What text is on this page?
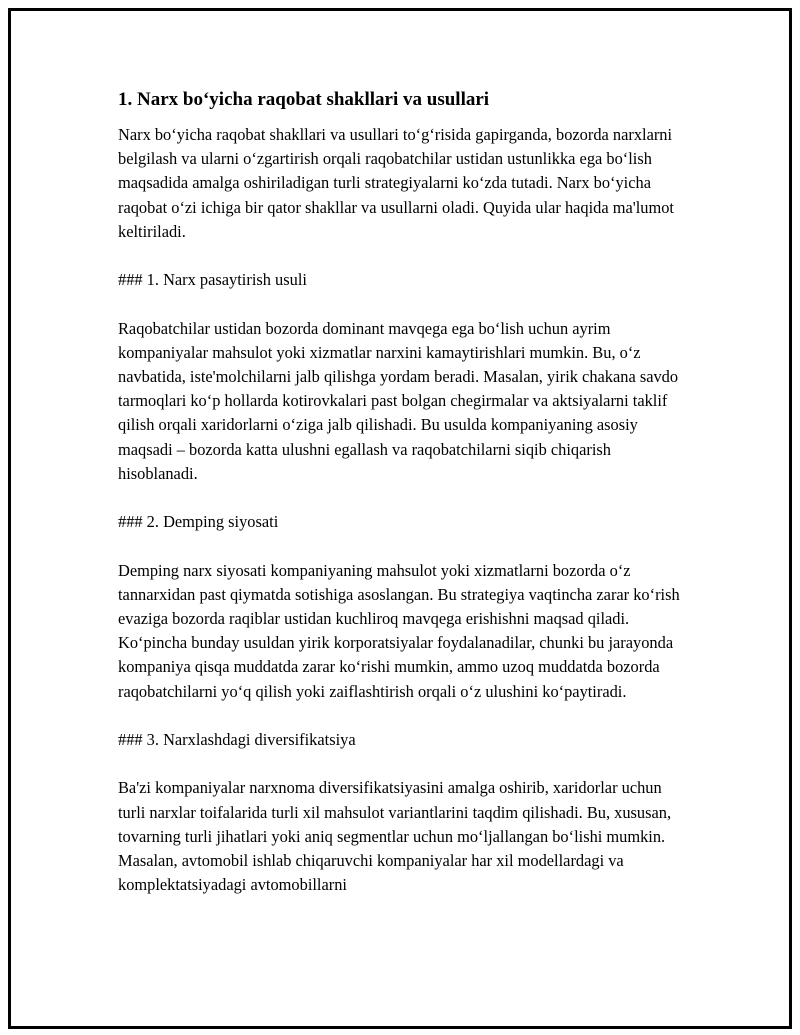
1. Narx bo‘yicha raqobat shakllari va usullari

Narx bo‘yicha raqobat shakllari va usullari to‘g‘risida gapirganda, bozorda narxlarni belgilash va ularni o‘zgartirish orqali raqobatchilar ustidan ustunlikka ega bo‘lish maqsadida amalga oshiriladigan turli strategiyalarni ko‘zda tutadi. Narx bo‘yicha raqobat o‘zi ichiga bir qator shakllar va usullarni oladi. Quyida ular haqida ma'lumot keltiriladi.

### 1. Narx pasaytirish usuli

Raqobatchilar ustidan bozorda dominant mavqega ega bo‘lish uchun ayrim kompaniyalar mahsulot yoki xizmatlar narxini kamaytirishlari mumkin. Bu, o‘z navbatida, iste'molchilarni jalb qilishga yordam beradi. Masalan, yirik chakana savdo tarmoqlari ko‘p hollarda kotirovkalari past bolgan chegirmalar va aktsiyalarni taklif qilish orqali xaridorlarni o‘ziga jalb qilishadi. Bu usulda kompaniyaning asosiy maqsadi – bozorda katta ulushni egallash va raqobatchilarni siqib chiqarish hisoblanadi.

### 2. Demping siyosati

Demping narx siyosati kompaniyaning mahsulot yoki xizmatlarni bozorda o‘z tannarxidan past qiymatda sotishiga asoslangan. Bu strategiya vaqtincha zarar ko‘rish evaziga bozorda raqiblar ustidan kuchliroq mavqega erishishni maqsad qiladi. Ko‘pincha bunday usuldan yirik korporatsiyalar foydalanadilar, chunki bu jarayonda kompaniya qisqa muddatda zarar ko‘rishi mumkin, ammo uzoq muddatda bozorda raqobatchilarni yo‘q qilish yoki zaiflashtirish orqali o‘z ulushini ko‘paytiradi.

### 3. Narxlashdagi diversifikatsiya

Ba'zi kompaniyalar narxnoma diversifikatsiyasini amalga oshirib, xaridorlar uchun turli narxlar toifalarida turli xil mahsulot variantlarini taqdim qilishadi. Bu, xususan, tovarning turli jihatlari yoki aniq segmentlar uchun mo‘ljallangan bo‘lishi mumkin. Masalan, avtomobil ishlab chiqaruvchi kompaniyalar har xil modellardagi va komplektatsiyadagi avtomobillarni
